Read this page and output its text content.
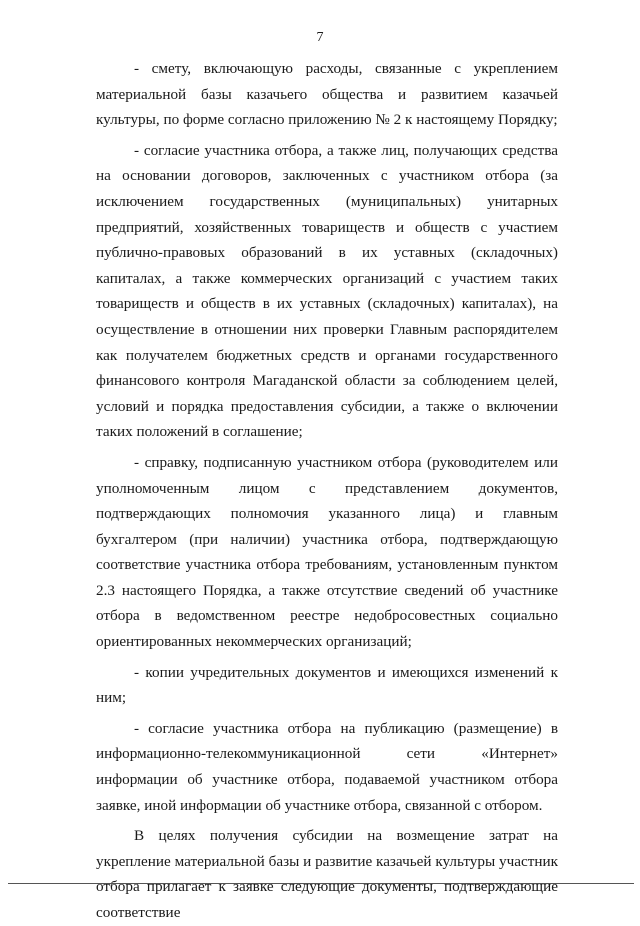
7

- смету, включающую расходы, связанные с укреплением материальной базы казачьего общества и развитием казачьей культуры, по форме согласно приложению № 2 к настоящему Порядку;

- согласие участника отбора, а также лиц, получающих средства на основании договоров, заключенных с участником отбора (за исключением государственных (муниципальных) унитарных предприятий, хозяйственных товариществ и обществ с участием публично-правовых образований в их уставных (складочных) капиталах, а также коммерческих организаций с участием таких товариществ и обществ в их уставных (складочных) капиталах), на осуществление в отношении них проверки Главным распорядителем как получателем бюджетных средств и органами государственного финансового контроля Магаданской области за соблюдением целей, условий и порядка предоставления субсидии, а также о включении таких положений в соглашение;

- справку, подписанную участником отбора (руководителем или уполномоченным лицом с представлением документов, подтверждающих полномочия указанного лица) и главным бухгалтером (при наличии) участника отбора, подтверждающую соответствие участника отбора требованиям, установленным пунктом 2.3 настоящего Порядка, а также отсутствие сведений об участнике отбора в ведомственном реестре недобросовестных социально ориентированных некоммерческих организаций;

- копии учредительных документов и имеющихся изменений к ним;

- согласие участника отбора на публикацию (размещение) в информационно-телекоммуникационной сети «Интернет» информации об участнике отбора, подаваемой участником отбора заявке, иной информации об участнике отбора, связанной с отбором.

В целях получения субсидии на возмещение затрат на укрепление материальной базы и развитие казачьей культуры участник отбора прилагает к заявке следующие документы, подтверждающие соответствие
